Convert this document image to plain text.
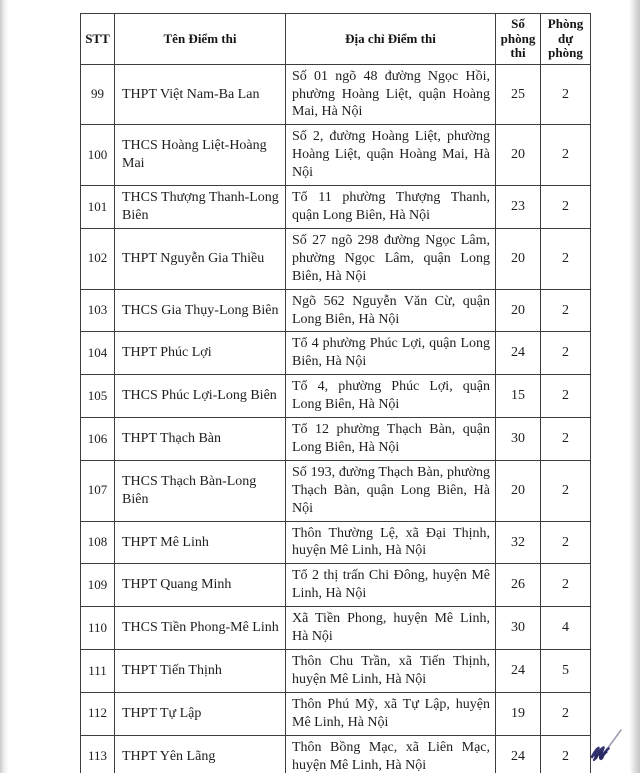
STT	Tên Điểm thi	Địa chỉ Điểm thi	Số phòng thi	Phòng dự phòng
99	THPT Việt Nam-Ba Lan	Số 01 ngõ 48 đường Ngọc Hồi, phường Hoàng Liệt, quận Hoàng Mai, Hà Nội	25	2
100	THCS Hoàng Liệt-Hoàng Mai	Số 2, đường Hoàng Liệt, phường Hoàng Liệt, quận Hoàng Mai, Hà Nội	20	2
101	THCS Thượng Thanh-Long Biên	Tổ 11 phường Thượng Thanh, quận Long Biên, Hà Nội	23	2
102	THPT Nguyễn Gia Thiều	Số 27 ngõ 298 đường Ngọc Lâm, phường Ngọc Lâm, quận Long Biên, Hà Nội	20	2
103	THCS Gia Thụy-Long Biên	Ngõ 562 Nguyễn Văn Cừ, quận Long Biên, Hà Nội	20	2
104	THPT Phúc Lợi	Tổ 4 phường Phúc Lợi, quận Long Biên, Hà Nội	24	2
105	THCS Phúc Lợi-Long Biên	Tổ 4, phường Phúc Lợi, quận Long Biên, Hà Nội	15	2
106	THPT Thạch Bàn	Tổ 12 phường Thạch Bàn, quận Long Biên, Hà Nội	30	2
107	THCS Thạch Bàn-Long Biên	Số 193, đường Thạch Bàn, phường Thạch Bàn, quận Long Biên, Hà Nội	20	2
108	THPT Mê Linh	Thôn Thường Lệ, xã Đại Thịnh, huyện Mê Linh, Hà Nội	32	2
109	THPT Quang Minh	Tổ 2 thị trấn Chi Đông, huyện Mê Linh, Hà Nội	26	2
110	THCS Tiền Phong-Mê Linh	Xã Tiền Phong, huyện Mê Linh, Hà Nội	30	4
111	THPT Tiến Thịnh	Thôn Chu Trần, xã Tiến Thịnh, huyện Mê Linh, Hà Nội	24	5
112	THPT Tự Lập	Thôn Phú Mỹ, xã Tự Lập, huyện Mê Linh, Hà Nội	19	2
113	THPT Yên Lãng	Thôn Bồng Mạc, xã Liên Mạc, huyện Mê Linh, Hà Nội	24	2
